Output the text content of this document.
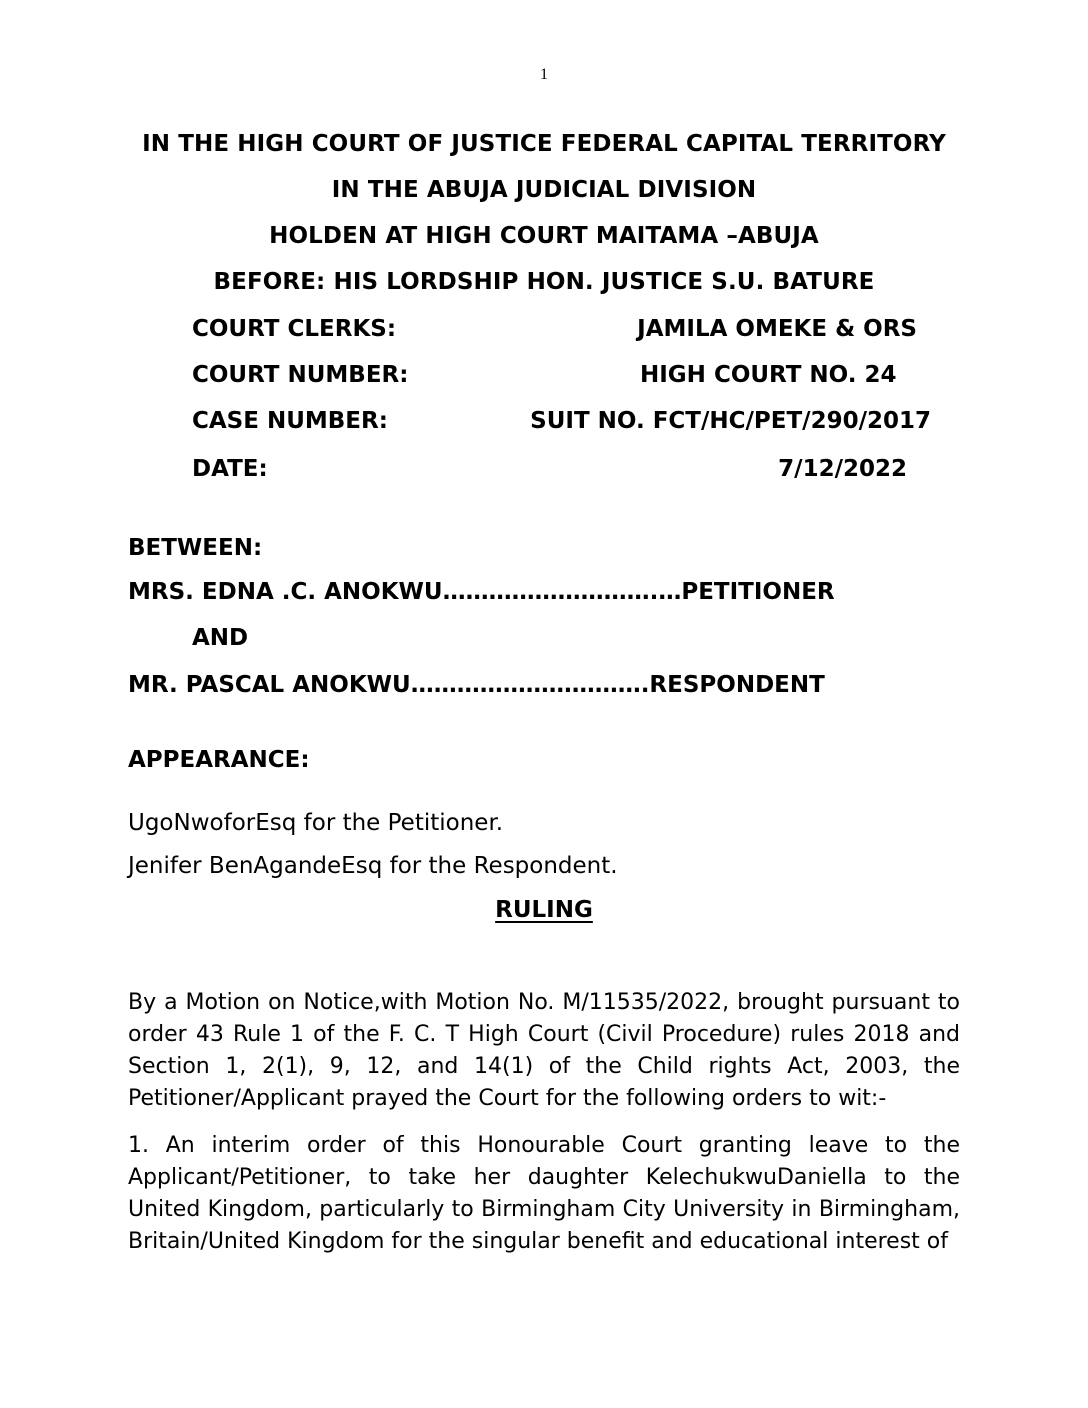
1
IN THE HIGH COURT OF JUSTICE FEDERAL CAPITAL TERRITORY
IN THE ABUJA JUDICIAL DIVISION
HOLDEN AT HIGH COURT MAITAMA –ABUJA
BEFORE: HIS LORDSHIP HON. JUSTICE S.U. BATURE
COURT CLERKS:	JAMILA OMEKE & ORS
COURT NUMBER:	HIGH COURT NO. 24
CASE NUMBER:	SUIT NO. FCT/HC/PET/290/2017
DATE:	7/12/2022
BETWEEN:
MRS. EDNA .C. ANOKWU……………………….…PETITIONER
AND
MR. PASCAL ANOKWU………………………….RESPONDENT
APPEARANCE:
UgoNwoforEsq for the Petitioner.
Jenifer BenAgandeEsq for the Respondent.
RULING
By a Motion on Notice,with Motion No. M/11535/2022, brought pursuant to order 43 Rule 1 of the F. C. T High Court (Civil Procedure) rules 2018 and Section 1, 2(1), 9, 12, and 14(1) of the Child rights Act, 2003, the Petitioner/Applicant prayed the Court for the following orders to wit:-
1. An interim order of this Honourable Court granting leave to the Applicant/Petitioner, to take her daughter KelechukwuDaniella to the United Kingdom, particularly to Birmingham City University in Birmingham, Britain/United Kingdom for the singular benefit and educational interest of
